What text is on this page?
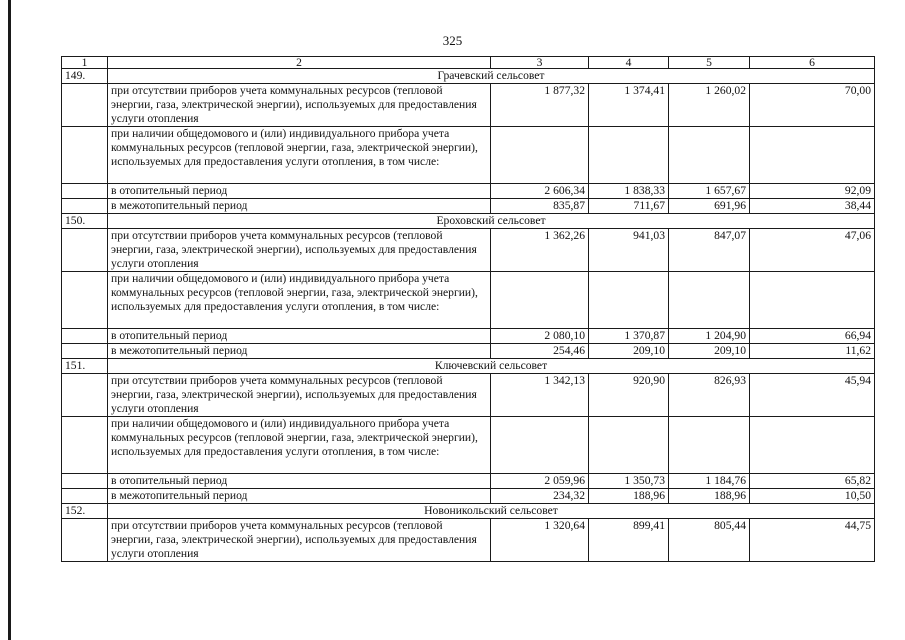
325
1	2	3	4	5	6
149.	Грачевский сельсовет				
	при отсутствии приборов учета коммунальных ресурсов (тепловой энергии, газа, электрической энергии), используемых для предоставления услуги отопления	1 877,32	1 374,41	1 260,02	70,00
	при наличии общедомового и (или) индивидуального прибора учета коммунальных ресурсов (тепловой энергии, газа, электрической энергии), используемых для предоставления услуги отопления, в том числе:				
	в отопительный период	2 606,34	1 838,33	1 657,67	92,09
	в межотопительный период	835,87	711,67	691,96	38,44
150.	Ероховский сельсовет				
	при отсутствии приборов учета коммунальных ресурсов (тепловой энергии, газа, электрической энергии), используемых для предоставления услуги отопления	1 362,26	941,03	847,07	47,06
	при наличии общедомового и (или) индивидуального прибора учета коммунальных ресурсов (тепловой энергии, газа, электрической энергии), используемых для предоставления услуги отопления, в том числе:				
	в отопительный период	2 080,10	1 370,87	1 204,90	66,94
	в межотопительный период	254,46	209,10	209,10	11,62
151.	Ключевский сельсовет				
	при отсутствии приборов учета коммунальных ресурсов (тепловой энергии, газа, электрической энергии), используемых для предоставления услуги отопления	1 342,13	920,90	826,93	45,94
	при наличии общедомового и (или) индивидуального прибора учета коммунальных ресурсов (тепловой энергии, газа, электрической энергии), используемых для предоставления услуги отопления, в том числе:				
	в отопительный период	2 059,96	1 350,73	1 184,76	65,82
	в межотопительный период	234,32	188,96	188,96	10,50
152.	Новоникольский сельсовет				
	при отсутствии приборов учета коммунальных ресурсов (тепловой энергии, газа, электрической энергии), используемых для предоставления услуги отопления	1 320,64	899,41	805,44	44,75
